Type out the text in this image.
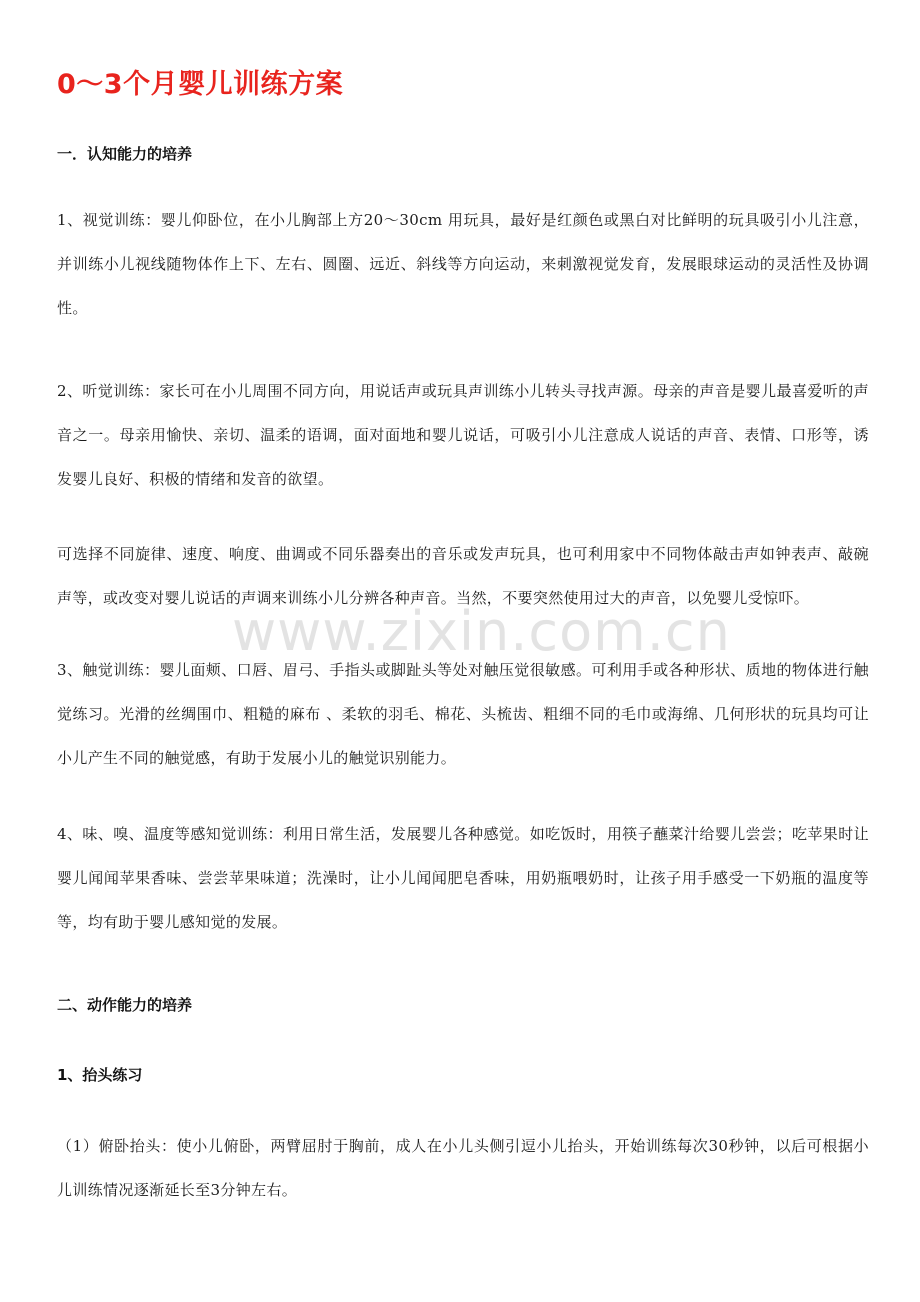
0～3个月婴儿训练方案
一．认知能力的培养

1、视觉训练：婴儿仰卧位，在小儿胸部上方20～30cm 用玩具，最好是红颜色或黑白对比鲜明的玩具吸引小儿注意，并训练小儿视线随物体作上下、左右、圆圈、远近、斜线等方向运动，来刺激视觉发育，发展眼球运动的灵活性及协调性。

2、听觉训练：家长可在小儿周围不同方向，用说话声或玩具声训练小儿转头寻找声源。母亲的声音是婴儿最喜爱听的声音之一。母亲用愉快、亲切、温柔的语调，面对面地和婴儿说话，可吸引小儿注意成人说话的声音、表情、口形等，诱发婴儿良好、积极的情绪和发音的欲望。

可选择不同旋律、速度、响度、曲调或不同乐器奏出的音乐或发声玩具，也可利用家中不同物体敲击声如钟表声、敲碗声等，或改变对婴儿说话的声调来训练小儿分辨各种声音。当然，不要突然使用过大的声音，以免婴儿受惊吓。

3、触觉训练：婴儿面颊、口唇、眉弓、手指头或脚趾头等处对触压觉很敏感。可利用手或各种形状、质地的物体进行触觉练习。光滑的丝绸围巾、粗糙的麻布 、柔软的羽毛、棉花、头梳齿、粗细不同的毛巾或海绵、几何形状的玩具均可让小儿产生不同的触觉感，有助于发展小儿的触觉识别能力。

4、味、嗅、温度等感知觉训练：利用日常生活，发展婴儿各种感觉。如吃饭时，用筷子蘸菜汁给婴儿尝尝；吃苹果时让婴儿闻闻苹果香味、尝尝苹果味道；洗澡时，让小儿闻闻肥皂香味，用奶瓶喂奶时，让孩子用手感受一下奶瓶的温度等等，均有助于婴儿感知觉的发展。

二、动作能力的培养
1、抬头练习

（1）俯卧抬头：使小儿俯卧，两臂屈肘于胸前，成人在小儿头侧引逗小儿抬头，开始训练每次30秒钟，以后可根据小儿训练情况逐渐延长至3分钟左右。

www.zixin.com.cn
